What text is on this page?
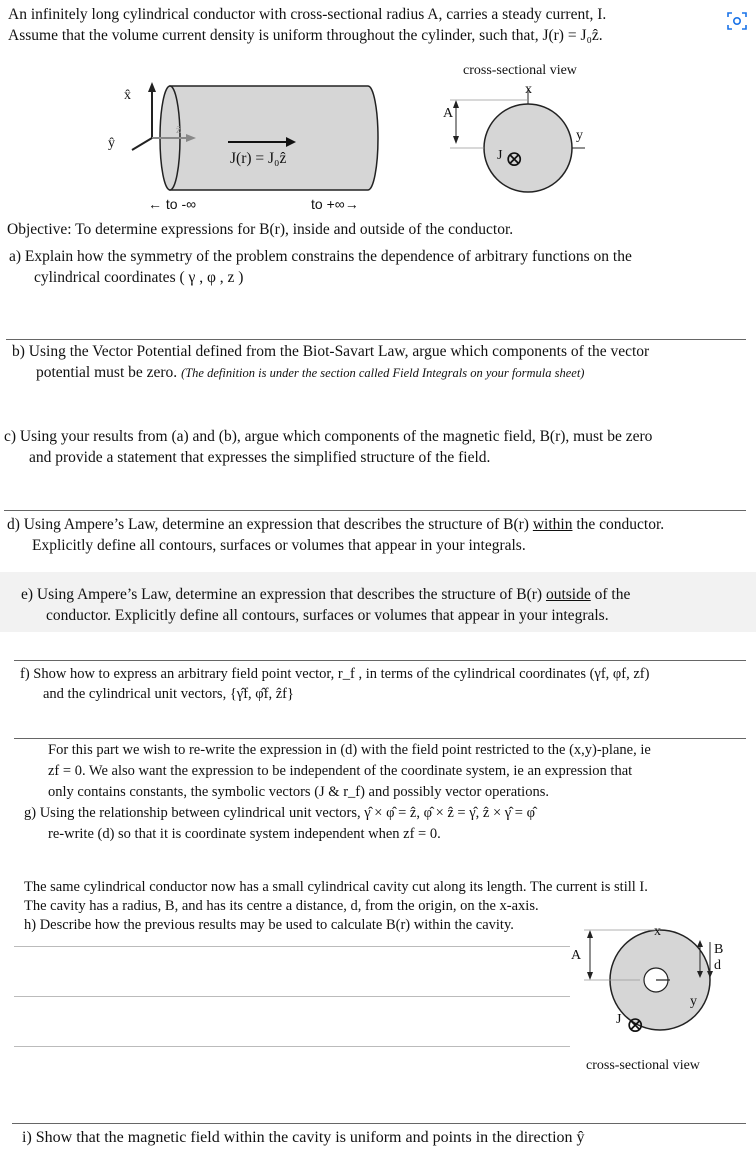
An infinitely long cylindrical conductor with cross-sectional radius A, carries a steady current, I.
Assume that the volume current density is uniform throughout the cylinder, such that, J(r) = J₀ẑ.
cross-sectional view
x̂
ŷ
ẑ
J(r) = J₀ẑ
x
y
A
J ⊗
← to -∞	to +∞→
Objective: To determine expressions for B(r), inside and outside of the conductor.
a) Explain how the symmetry of the problem constrains the dependence of arbitrary functions on the
cylindrical coordinates ( γ , φ , z )
b) Using the Vector Potential defined from the Biot-Savart Law, argue which components of the vector
potential must be zero. (The definition is under the section called Field Integrals on your formula sheet)
c) Using your results from (a) and (b), argue which components of the magnetic field, B(r), must be zero
and provide a statement that expresses the simplified structure of the field.
d) Using Ampere’s Law, determine an expression that describes the structure of B(r) within the conductor.
Explicitly define all contours, surfaces or volumes that appear in your integrals.
e) Using Ampere’s Law, determine an expression that describes the structure of B(r) outside of the
conductor. Explicitly define all contours, surfaces or volumes that appear in your integrals.
f) Show how to express an arbitrary field point vector, r_f , in terms of the cylindrical coordinates (γf, φf, zf)
and the cylindrical unit vectors, {γ̂f, φ̂f, ẑf}
For this part we wish to re-write the expression in (d) with the field point restricted to the (x,y)-plane, ie
zf = 0. We also want the expression to be independent of the coordinate system, ie an expression that
only contains constants, the symbolic vectors (J & r_f) and possibly vector operations.
g) Using the relationship between cylindrical unit vectors, γ̂ × φ̂ = ẑ, φ̂ × ẑ = γ̂, ẑ × γ̂ = φ̂
re-write (d) so that it is coordinate system independent when zf = 0.
The same cylindrical conductor now has a small cylindrical cavity cut along its length. The current is still I.
The cavity has a radius, B, and has its centre a distance, d, from the origin, on the x-axis.
h) Describe how the previous results may be used to calculate B(r) within the cavity.
A
x
y
B
d
J ⊗
cross-sectional view
i) Show that the magnetic field within the cavity is uniform and points in the direction ŷ
